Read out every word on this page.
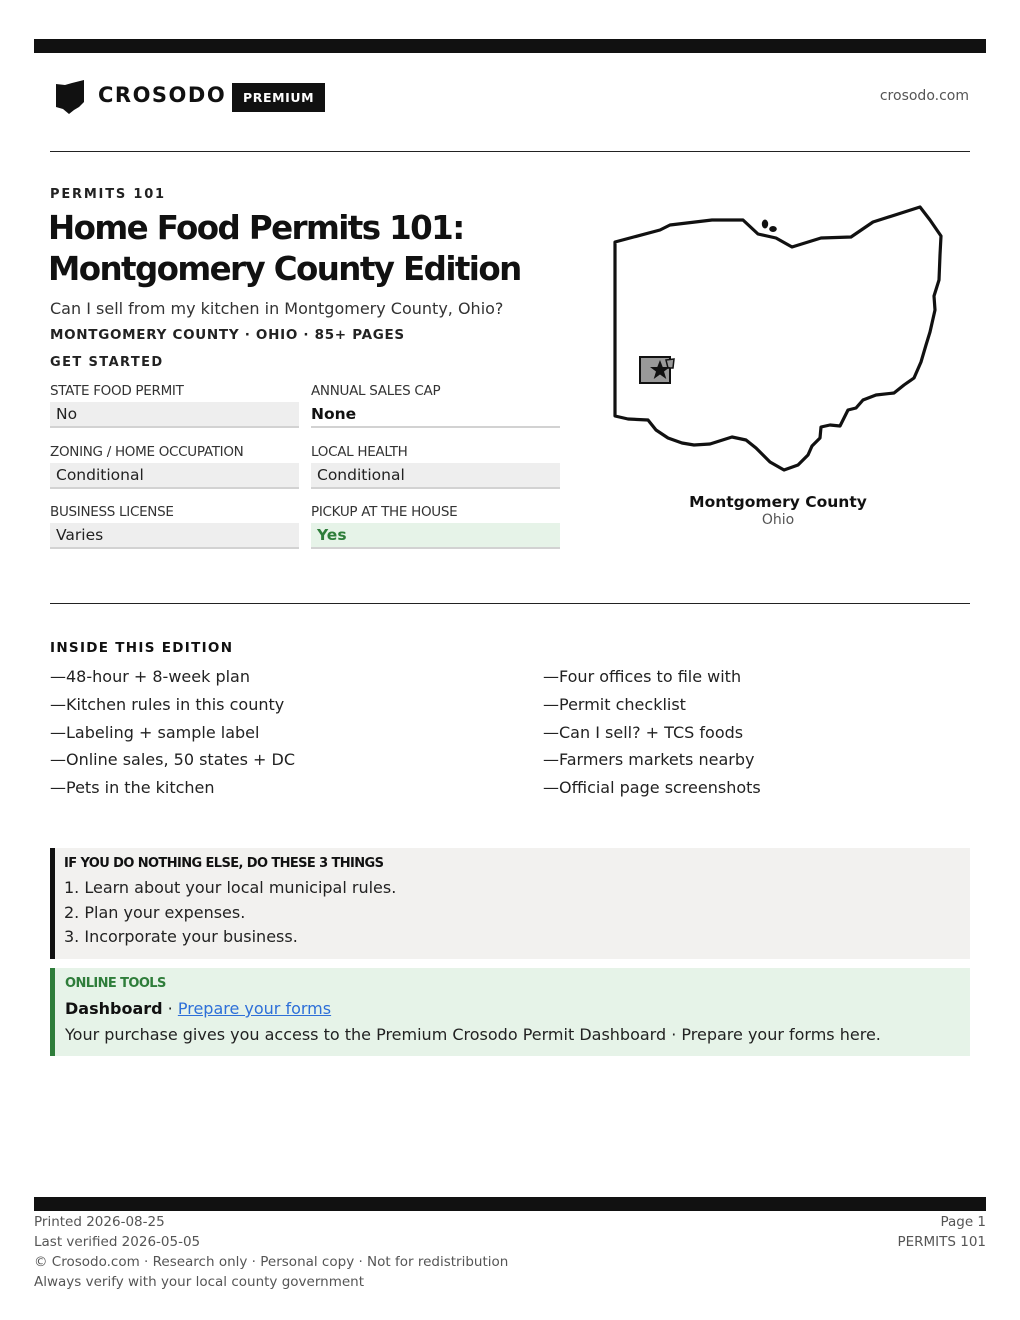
CROSODO	PREMIUM	crosodo.com
PERMITS 101
Home Food Permits 101:
Montgomery County Edition
Can I sell from my kitchen in Montgomery County, Ohio?
MONTGOMERY COUNTY · OHIO · 85+ PAGES
GET STARTED
STATE FOOD PERMIT
No
ANNUAL SALES CAP
None
ZONING / HOME OCCUPATION
Conditional
LOCAL HEALTH
Conditional
BUSINESS LICENSE
Varies
PICKUP AT THE HOUSE
Yes
Montgomery County
Ohio
INSIDE THIS EDITION
—48-hour + 8-week plan
—Kitchen rules in this county
—Labeling + sample label
—Online sales, 50 states + DC
—Pets in the kitchen
—Four offices to file with
—Permit checklist
—Can I sell? + TCS foods
—Farmers markets nearby
—Official page screenshots
IF YOU DO NOTHING ELSE, DO THESE 3 THINGS
1. Learn about your local municipal rules.
2. Plan your expenses.
3. Incorporate your business.
ONLINE TOOLS
Dashboard · Prepare your forms
Your purchase gives you access to the Premium Crosodo Permit Dashboard · Prepare your forms here.
Printed 2026-08-25
Last verified 2026-05-05
© Crosodo.com · Research only · Personal copy · Not for redistribution
Always verify with your local county government
Page 1
PERMITS 101
